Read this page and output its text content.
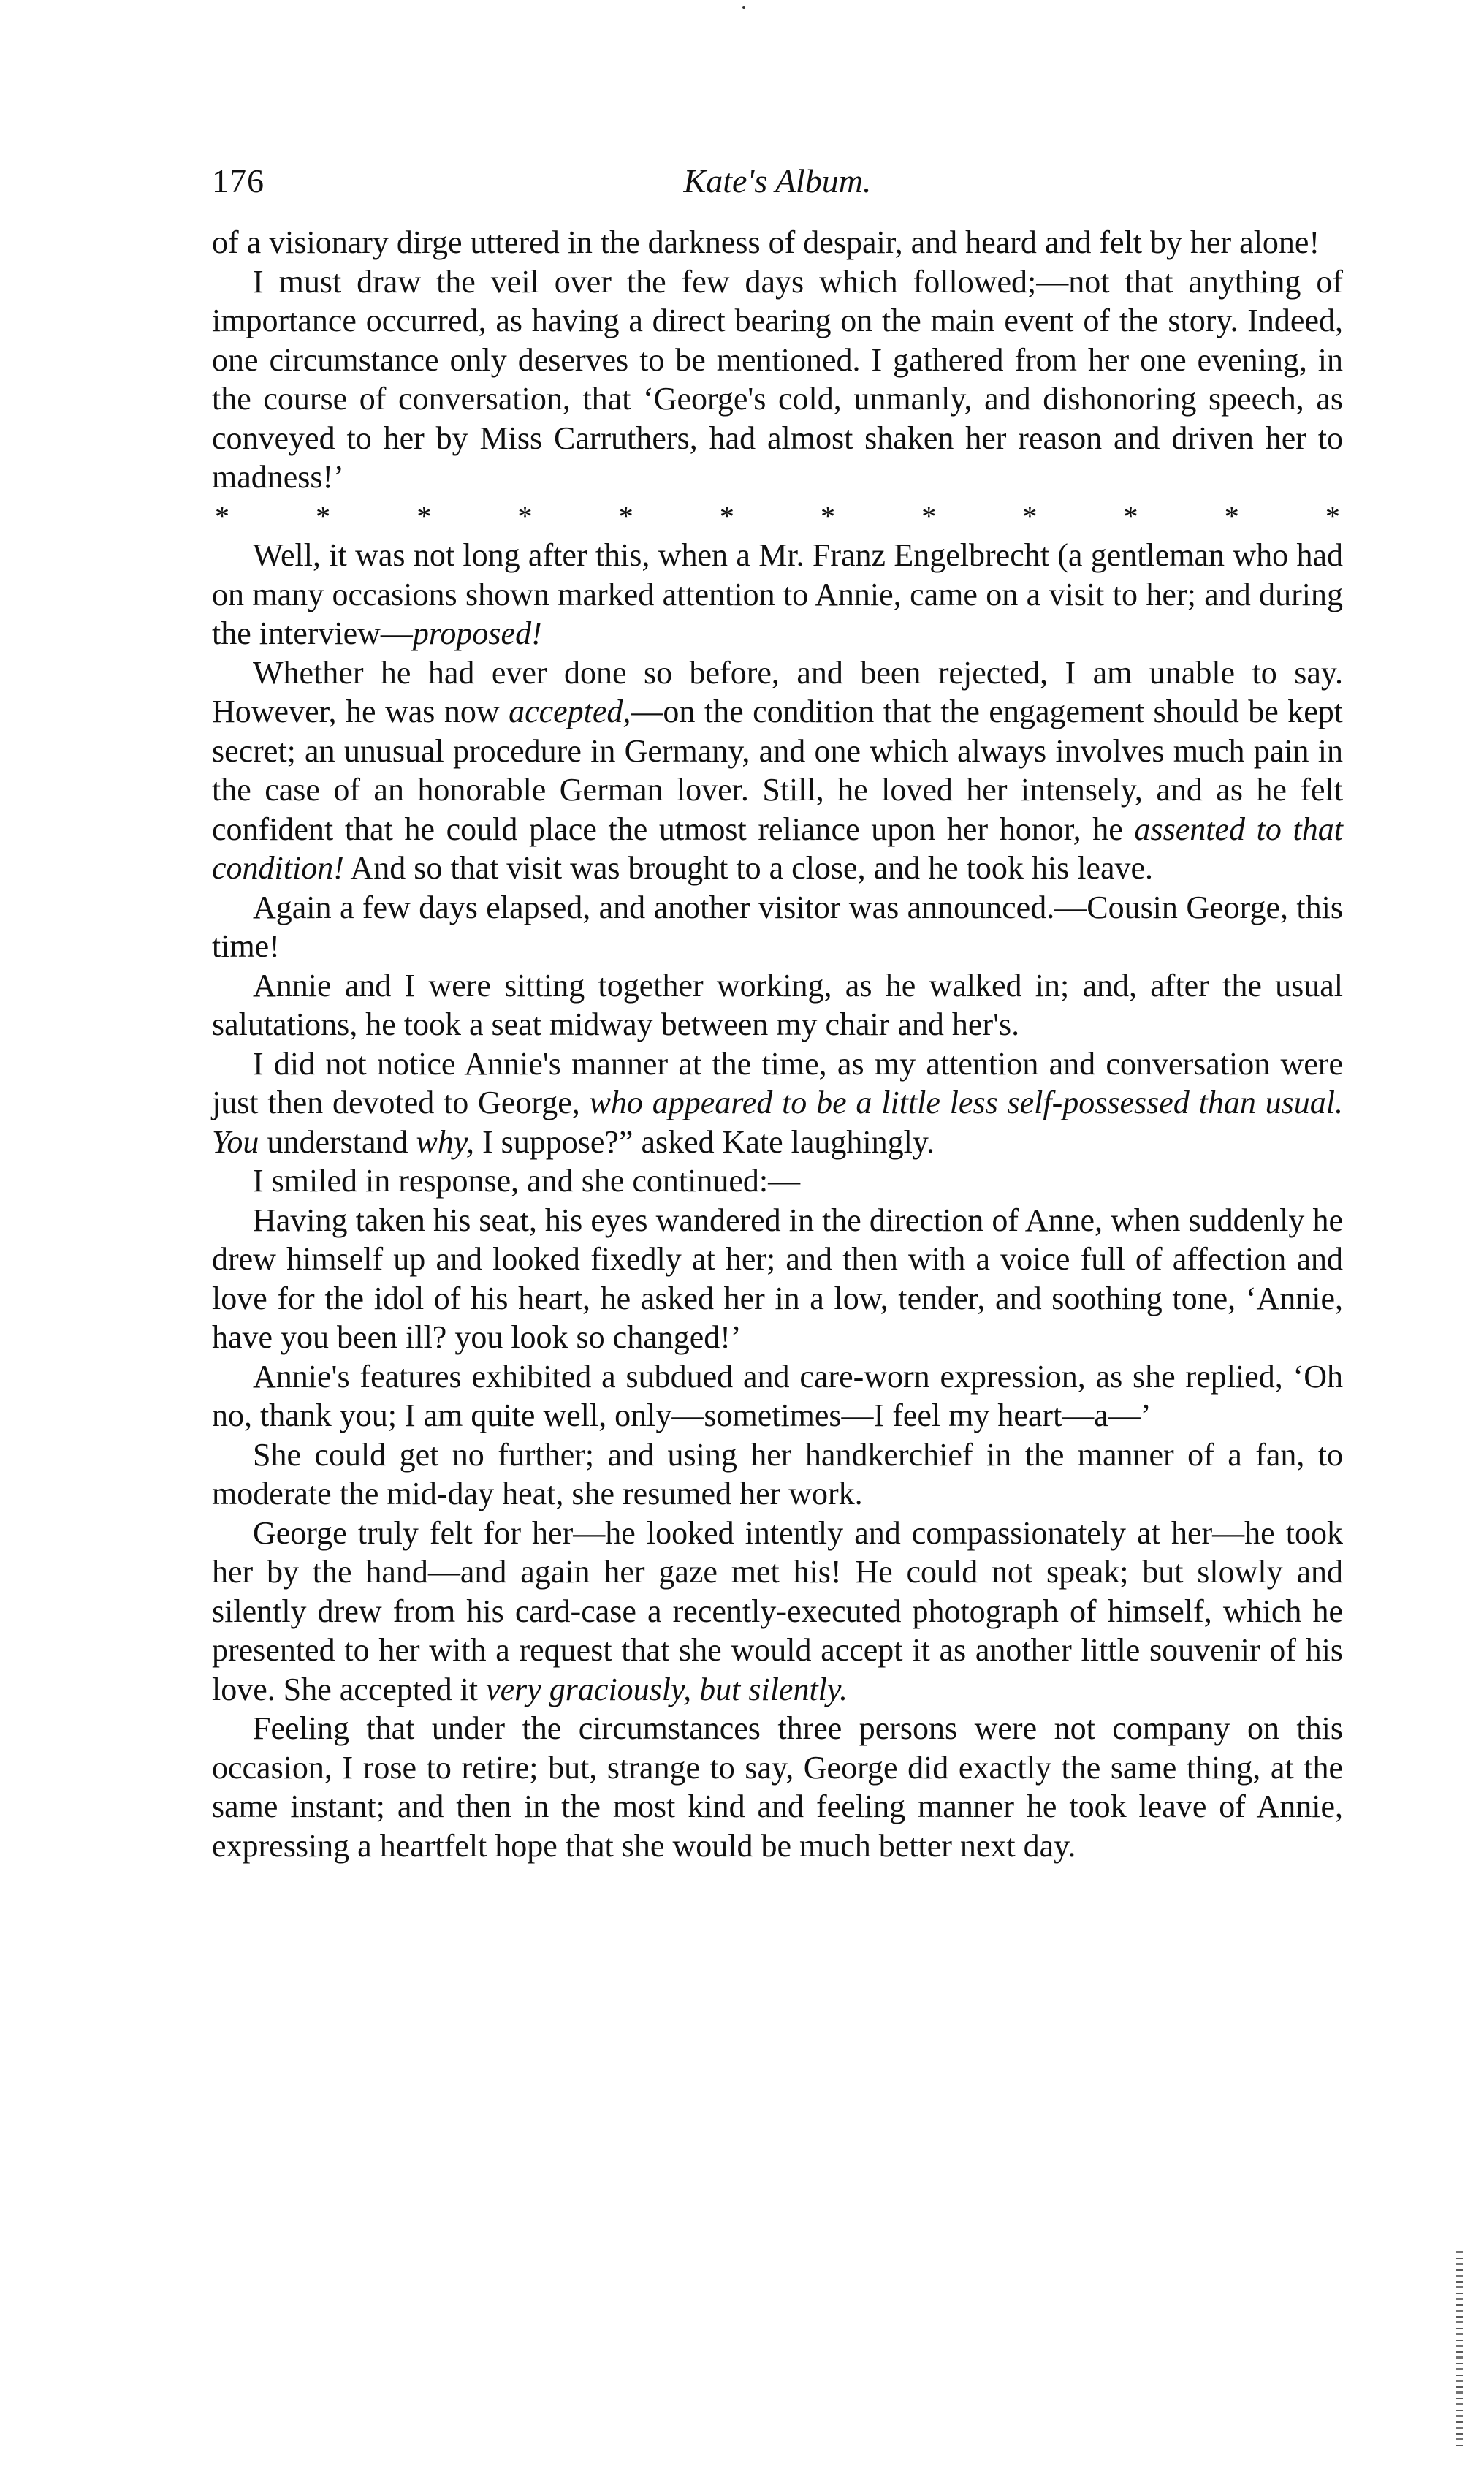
176	Kate's Album.

of a visionary dirge uttered in the darkness of despair, and heard and felt by her alone!

I must draw the veil over the few days which followed;—not that anything of importance occurred, as having a direct bearing on the main event of the story. Indeed, one circumstance only deserves to be mentioned. I gathered from her one evening, in the course of conversation, that ‘George's cold, unmanly, and dishonoring speech, as conveyed to her by Miss Carruthers, had almost shaken her reason and driven her to madness!’

*	*	*	*	*	*	*	*	*	*	*	*

Well, it was not long after this, when a Mr. Franz Engelbrecht (a gentleman who had on many occasions shown marked attention to Annie, came on a visit to her; and during the interview—proposed!

Whether he had ever done so before, and been rejected, I am unable to say. However, he was now accepted,—on the condition that the engagement should be kept secret; an unusual procedure in Germany, and one which always involves much pain in the case of an honorable German lover. Still, he loved her intensely, and as he felt confident that he could place the utmost reliance upon her honor, he assented to that condition! And so that visit was brought to a close, and he took his leave.

Again a few days elapsed, and another visitor was announced.—Cousin George, this time!

Annie and I were sitting together working, as he walked in; and, after the usual salutations, he took a seat midway between my chair and her's.

I did not notice Annie's manner at the time, as my attention and conversation were just then devoted to George, who appeared to be a little less self-possessed than usual. You understand why, I suppose?” asked Kate laughingly.

I smiled in response, and she continued:—

Having taken his seat, his eyes wandered in the direction of Anne, when suddenly he drew himself up and looked fixedly at her; and then with a voice full of affection and love for the idol of his heart, he asked her in a low, tender, and soothing tone, ‘Annie, have you been ill? you look so changed!’

Annie's features exhibited a subdued and care-worn expression, as she replied, ‘Oh no, thank you; I am quite well, only—sometimes—I feel my heart—a—’

She could get no further; and using her handkerchief in the manner of a fan, to moderate the mid-day heat, she resumed her work.

George truly felt for her—he looked intently and compassionately at her—he took her by the hand—and again her gaze met his! He could not speak; but slowly and silently drew from his card-case a recently-executed photograph of himself, which he presented to her with a request that she would accept it as another little souvenir of his love. She accepted it very graciously, but silently.

Feeling that under the circumstances three persons were not company on this occasion, I rose to retire; but, strange to say, George did exactly the same thing, at the same instant; and then in the most kind and feeling manner he took leave of Annie, expressing a heartfelt hope that she would be much better next day.
